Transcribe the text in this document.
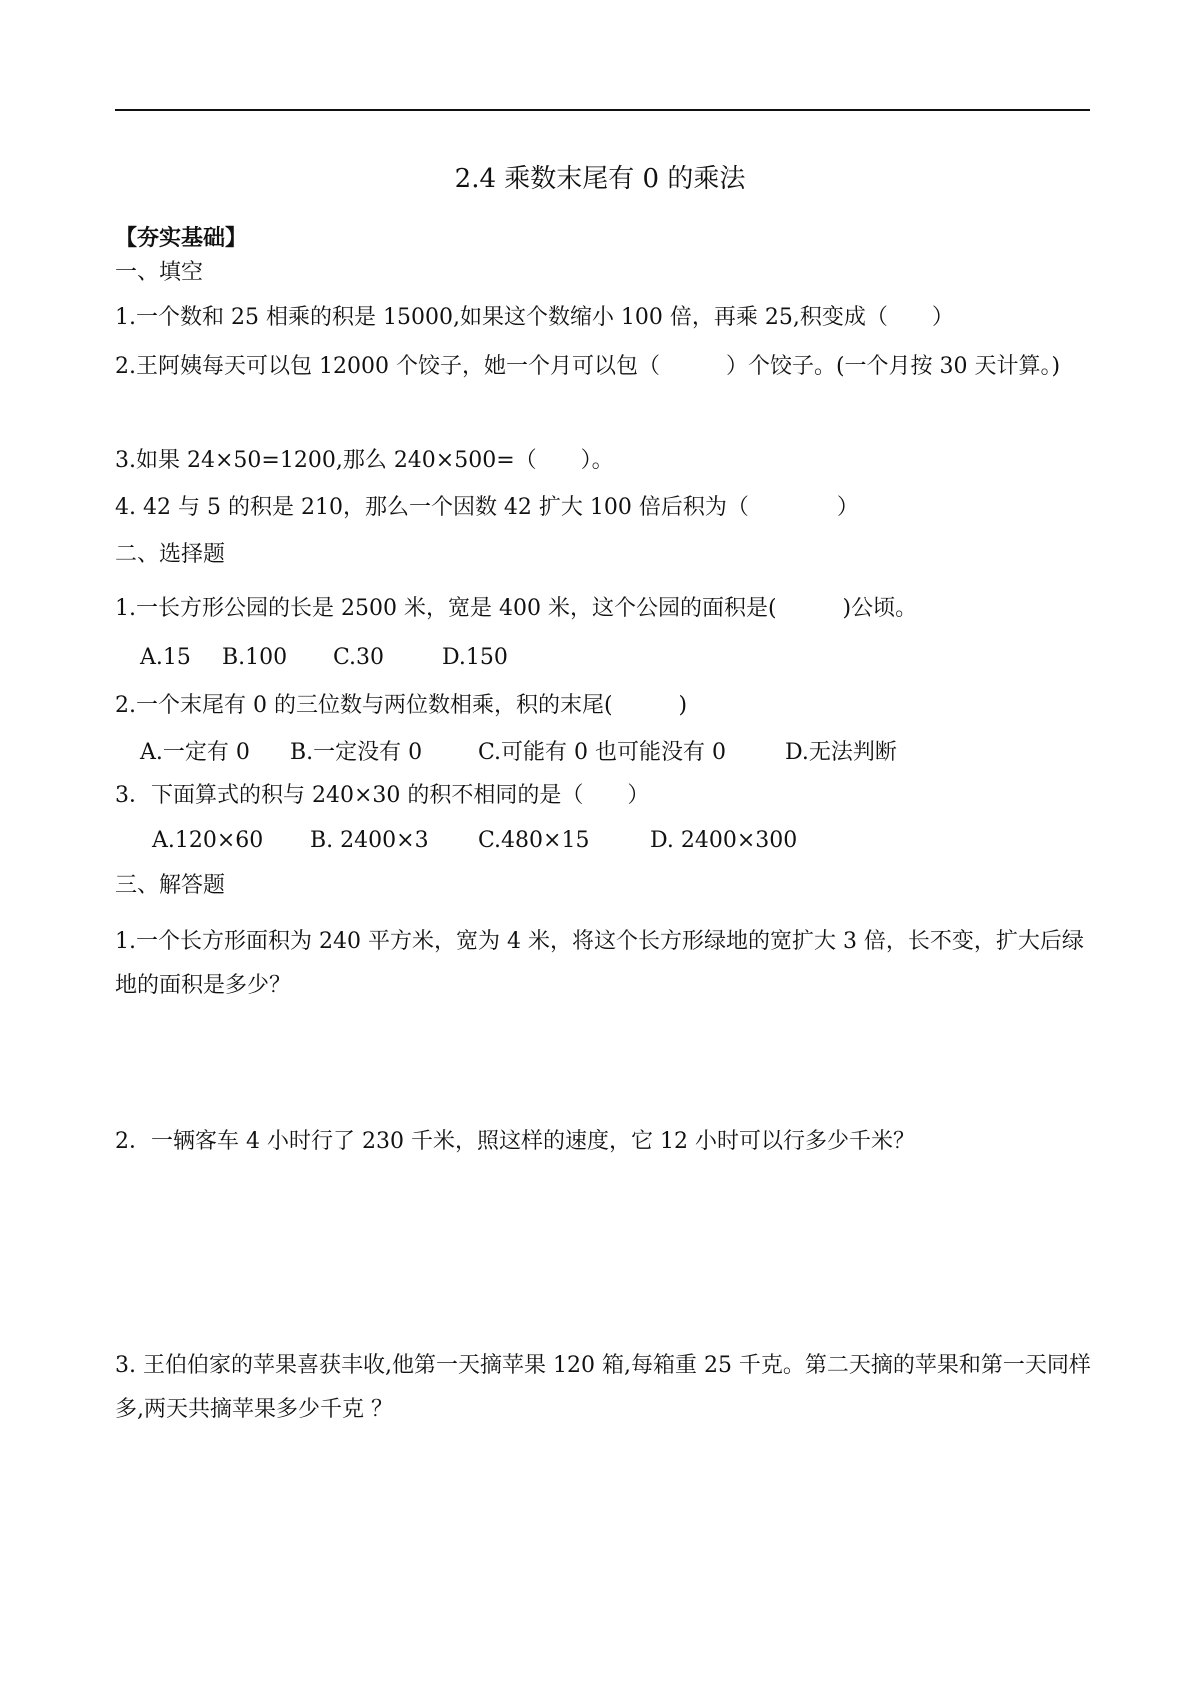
2.4 乘数末尾有 0 的乘法
【夯实基础】
一、填空
1.一个数和 25 相乘的积是 15000,如果这个数缩小 100 倍，再乘 25,积变成（　　）
2.王阿姨每天可以包 12000 个饺子，她一个月可以包（　　　）个饺子。(一个月按 30 天计算。)
3.如果 24×50=1200,那么 240×500=（　　）。
4. 42 与 5 的积是 210，那么一个因数 42 扩大 100 倍后积为（　　　　）
二、选择题
1.一长方形公园的长是 2500 米，宽是 400 米，这个公园的面积是(　　　)公顷。
A.15 B.100 C.30	D.150
2.一个末尾有 0 的三位数与两位数相乘，积的末尾(　　　)
A.一定有 0 B.一定没有 0	C.可能有 0 也可能没有 0	D.无法判断
3．下面算式的积与 240×30 的积不相同的是（　　）
A.120×60 B. 2400×3 C.480×15	D. 2400×300
三、解答题
1.一个长方形面积为 240 平方米，宽为 4 米，将这个长方形绿地的宽扩大 3 倍，长不变，扩大后绿地的面积是多少？
2．一辆客车 4 小时行了 230 千米，照这样的速度，它 12 小时可以行多少千米？
3. 王伯伯家的苹果喜获丰收,他第一天摘苹果 120 箱,每箱重 25 千克。第二天摘的苹果和第一天同样多,两天共摘苹果多少千克 ？
